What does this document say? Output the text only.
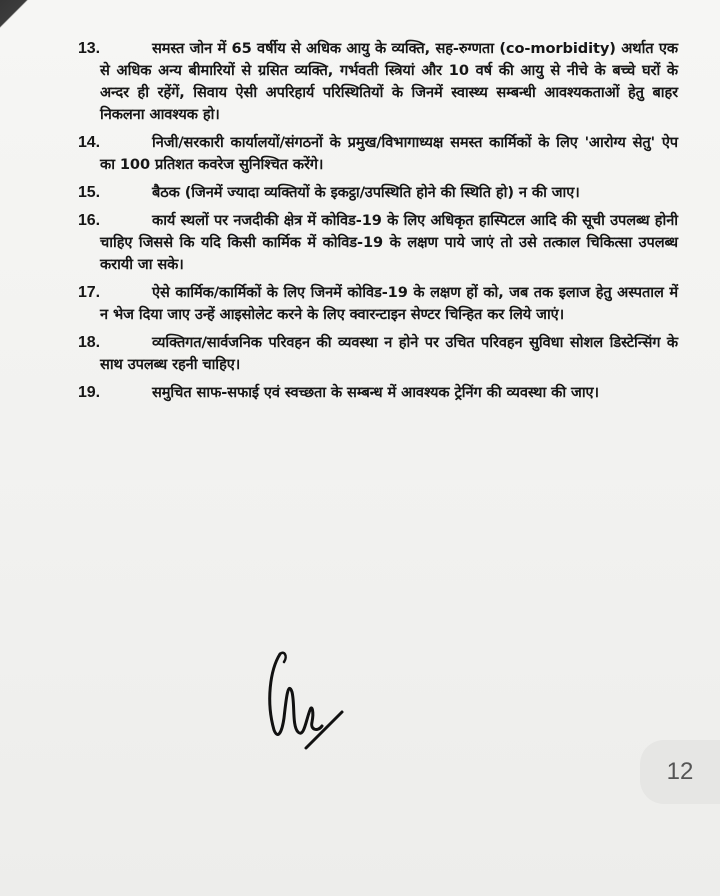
13.	समस्त जोन में 65 वर्षीय से अधिक आयु के व्यक्ति, सह-रुग्णता (co-morbidity) अर्थात एक से अधिक अन्य बीमारियों से ग्रसित व्यक्ति, गर्भवती स्त्रियां और 10 वर्ष की आयु से नीचे के बच्चे घरों के अन्दर ही रहेंगें, सिवाय ऐसी अपरिहार्य परिस्थितियों के जिनमें स्वास्थ्य सम्बन्धी आवश्यकताओं हेतु बाहर निकलना आवश्यक हो।
14.	निजी/सरकारी कार्यालयों/संगठनों के प्रमुख/विभागाध्यक्ष समस्त कार्मिकों के लिए 'आरोग्य सेतु' ऐप का 100 प्रतिशत कवरेज सुनिश्चित करेंगे।
15.	बैठक (जिनमें ज्यादा व्यक्तियों के इकट्ठा/उपस्थिति होने की स्थिति हो) न की जाए।
16.	कार्य स्थलों पर नजदीकी क्षेत्र में कोविड-19 के लिए अधिकृत हास्पिटल आदि की सूची उपलब्ध होनी चाहिए जिससे कि यदि किसी कार्मिक में कोविड-19 के लक्षण पाये जाएं तो उसे तत्काल चिकित्सा उपलब्ध करायी जा सके।
17.	ऐसे कार्मिक/कार्मिकों के लिए जिनमें कोविड-19 के लक्षण हों को, जब तक इलाज हेतु अस्पताल में न भेज दिया जाए उन्हें आइसोलेट करने के लिए क्वारन्टाइन सेण्टर चिन्हित कर लिये जाएं।
18.	व्यक्तिगत/सार्वजनिक परिवहन की व्यवस्था न होने पर उचित परिवहन सुविधा सोशल डिस्टेन्सिंग के साथ उपलब्ध रहनी चाहिए।
19.	समुचित साफ-सफाई एवं स्वच्छता के सम्बन्ध में आवश्यक ट्रेनिंग की व्यवस्था की जाए।
12
